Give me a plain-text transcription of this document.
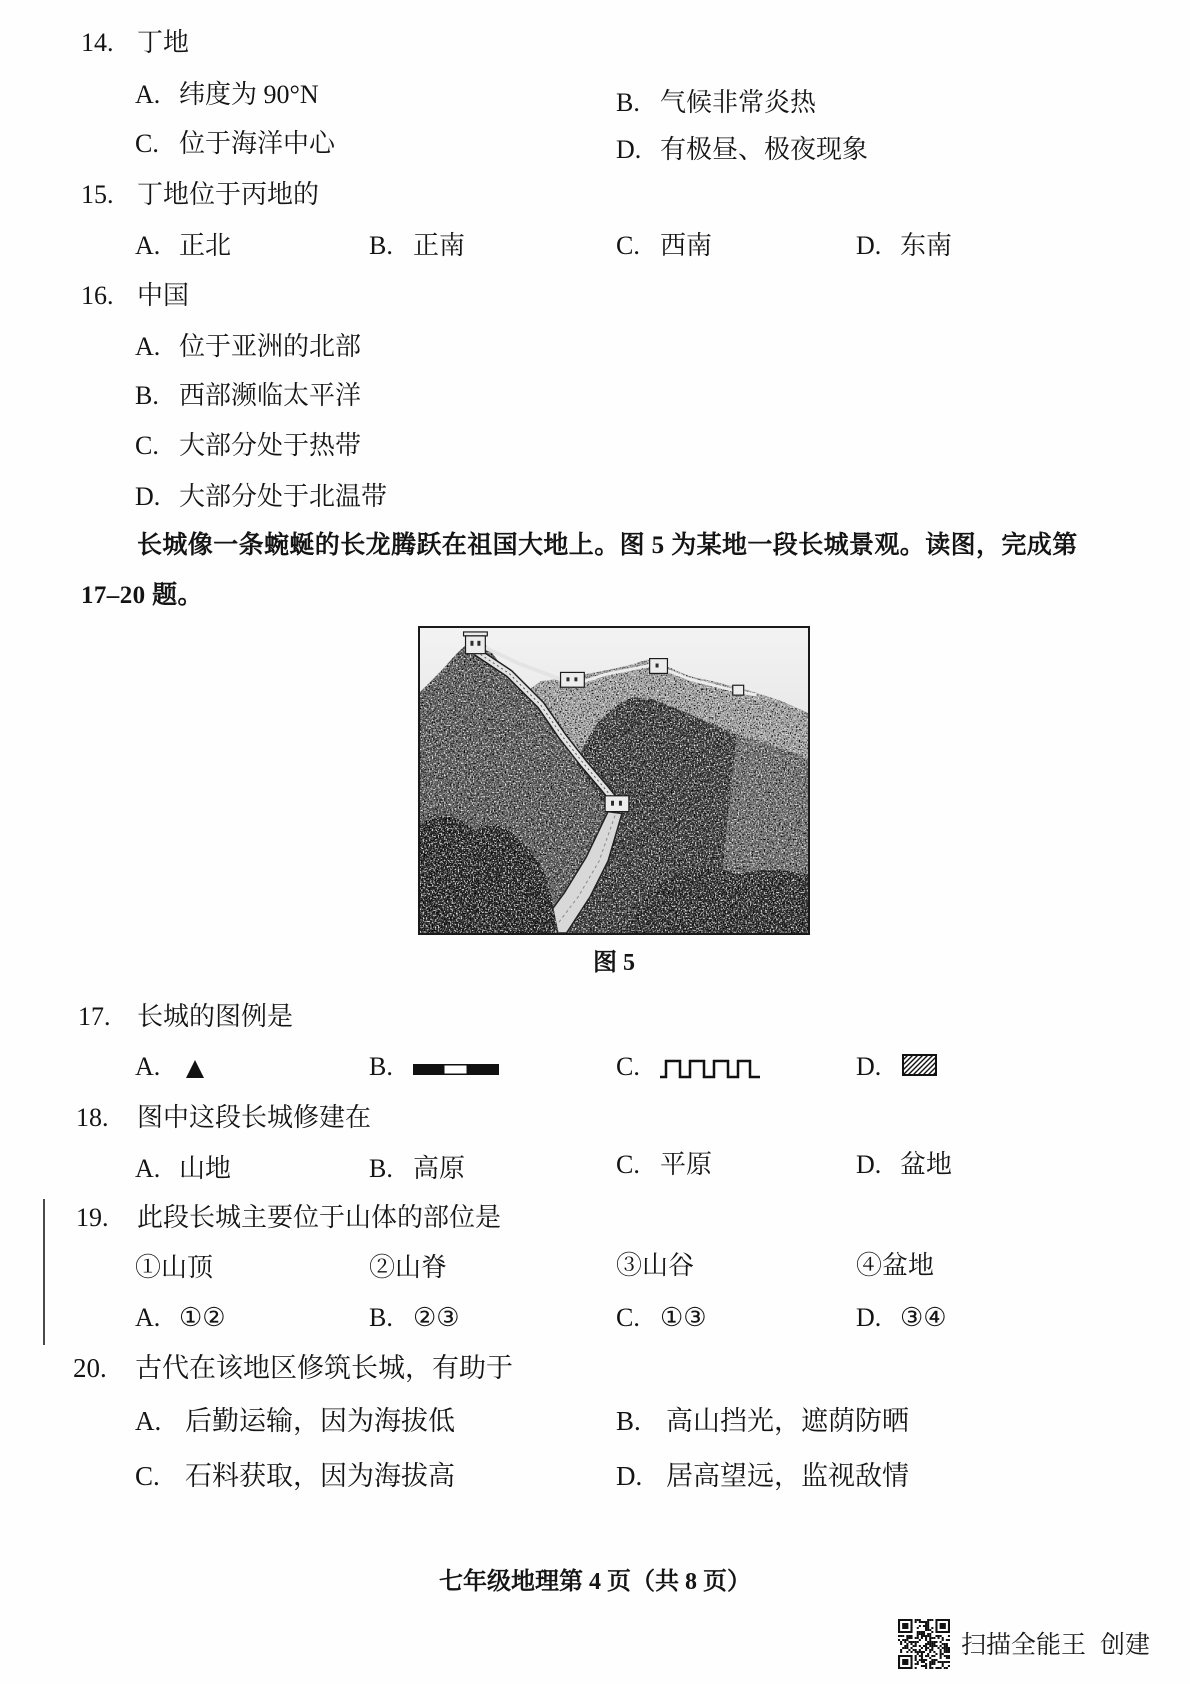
14. 丁地
A. 纬度为 90°N	B. 气候非常炎热
C. 位于海洋中心	D. 有极昼、极夜现象
15. 丁地位于丙地的
A. 正北	B. 正南	C. 西南	D. 东南
16. 中国
A. 位于亚洲的北部
B. 西部濒临太平洋
C. 大部分处于热带
D. 大部分处于北温带
长城像一条蜿蜒的长龙腾跃在祖国大地上。图 5 为某地一段长城景观。读图，完成第
17–20 题。
图 5
17. 长城的图例是
A.	B.	C.	D.
18. 图中这段长城修建在
A. 山地	B. 高原	C. 平原	D. 盆地
19. 此段长城主要位于山体的部位是
①山顶	②山脊	③山谷	④盆地
A. ①②	B. ②③	C. ①③	D. ③④
20. 古代在该地区修筑长城，有助于
A. 后勤运输，因为海拔低	B. 高山挡光，遮荫防晒
C. 石料获取，因为海拔高	D. 居高望远，监视敌情
七年级地理第 4 页（共 8 页）
扫描全能王 创建
